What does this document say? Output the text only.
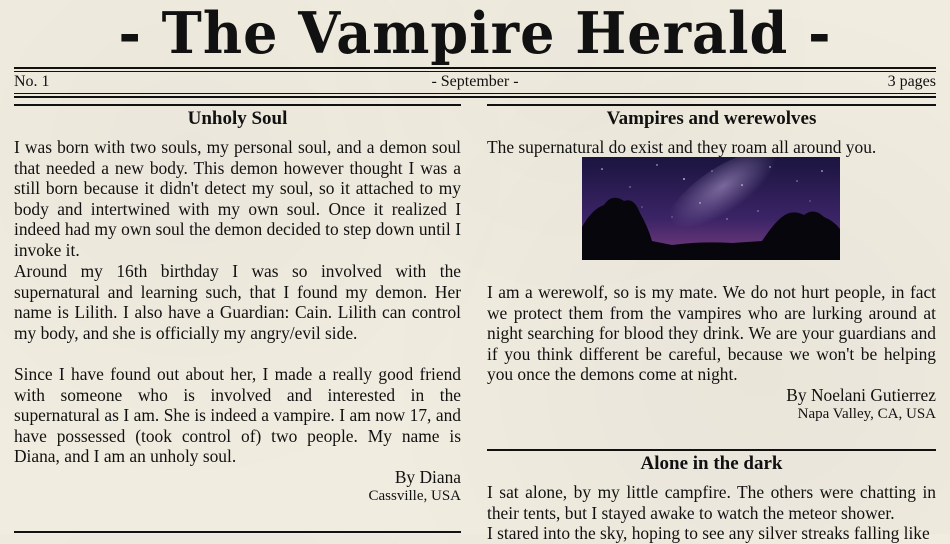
- The Vampire Herald -
No. 1	- September -	3 pages
Unholy Soul

I was born with two souls, my personal soul, and a demon soul that needed a new body. This demon however thought I was a still born because it didn't detect my soul, so it attached to my body and intertwined with my own soul. Once it realized I indeed had my own soul the demon decided to step down until I invoke it.

Around my 16th birthday I was so involved with the supernatural and learning such, that I found my demon. Her name is Lilith. I also have a Guardian: Cain. Lilith can control my body, and she is officially my angry/evil side.

Since I have found out about her, I made a really good friend with someone who is involved and interested in the supernatural as I am. She is indeed a vampire. I am now 17, and have possessed (took control of) two people. My name is Diana, and I am an unholy soul.

By Diana
Cassville, USA
Vampires and werewolves

The supernatural do exist and they roam all around you.

I am a werewolf, so is my mate. We do not hurt people, in fact we protect them from the vampires who are lurking around at night searching for blood they drink. We are your guardians and if you think different be careful, because we won't be helping you once the demons come at night.

By Noelani Gutierrez
Napa Valley, CA, USA
Alone in the dark

I sat alone, by my little campfire. The others were chatting in their tents, but I stayed awake to watch the meteor shower.

I stared into the sky, hoping to see any silver streaks falling like
